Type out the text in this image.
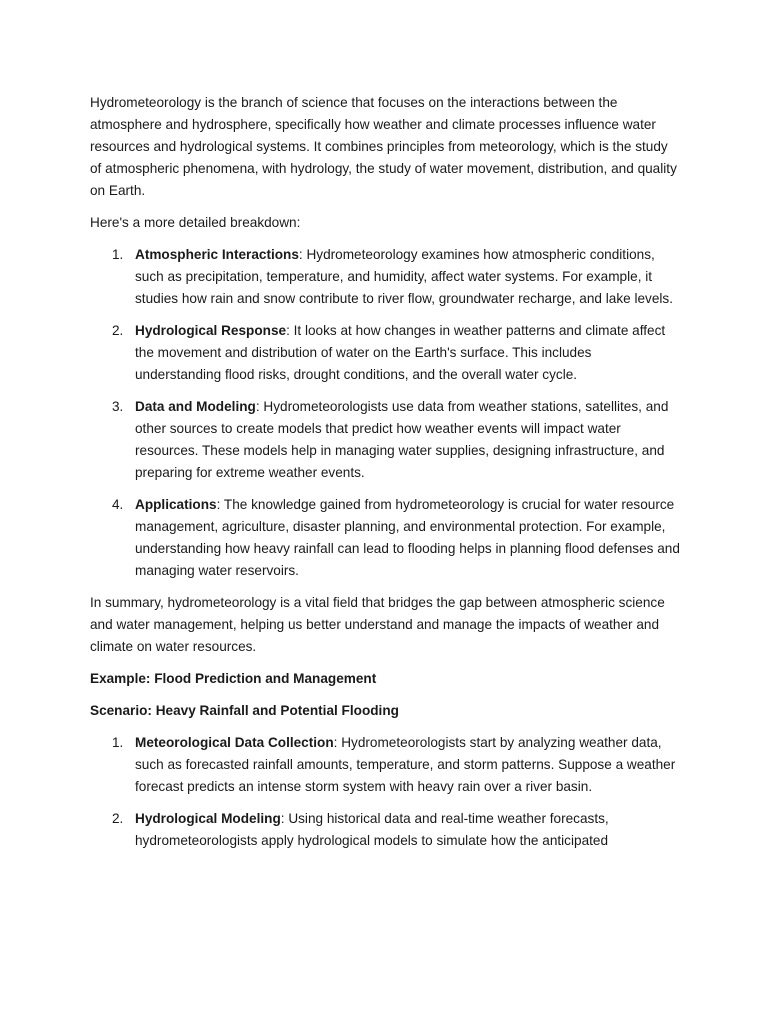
Hydrometeorology is the branch of science that focuses on the interactions between the atmosphere and hydrosphere, specifically how weather and climate processes influence water resources and hydrological systems. It combines principles from meteorology, which is the study of atmospheric phenomena, with hydrology, the study of water movement, distribution, and quality on Earth.

Here's a more detailed breakdown:

1. Atmospheric Interactions: Hydrometeorology examines how atmospheric conditions, such as precipitation, temperature, and humidity, affect water systems. For example, it studies how rain and snow contribute to river flow, groundwater recharge, and lake levels.
2. Hydrological Response: It looks at how changes in weather patterns and climate affect the movement and distribution of water on the Earth's surface. This includes understanding flood risks, drought conditions, and the overall water cycle.
3. Data and Modeling: Hydrometeorologists use data from weather stations, satellites, and other sources to create models that predict how weather events will impact water resources. These models help in managing water supplies, designing infrastructure, and preparing for extreme weather events.
4. Applications: The knowledge gained from hydrometeorology is crucial for water resource management, agriculture, disaster planning, and environmental protection. For example, understanding how heavy rainfall can lead to flooding helps in planning flood defenses and managing water reservoirs.

In summary, hydrometeorology is a vital field that bridges the gap between atmospheric science and water management, helping us better understand and manage the impacts of weather and climate on water resources.

Example: Flood Prediction and Management

Scenario: Heavy Rainfall and Potential Flooding

1. Meteorological Data Collection: Hydrometeorologists start by analyzing weather data, such as forecasted rainfall amounts, temperature, and storm patterns. Suppose a weather forecast predicts an intense storm system with heavy rain over a river basin.
2. Hydrological Modeling: Using historical data and real-time weather forecasts, hydrometeorologists apply hydrological models to simulate how the anticipated
